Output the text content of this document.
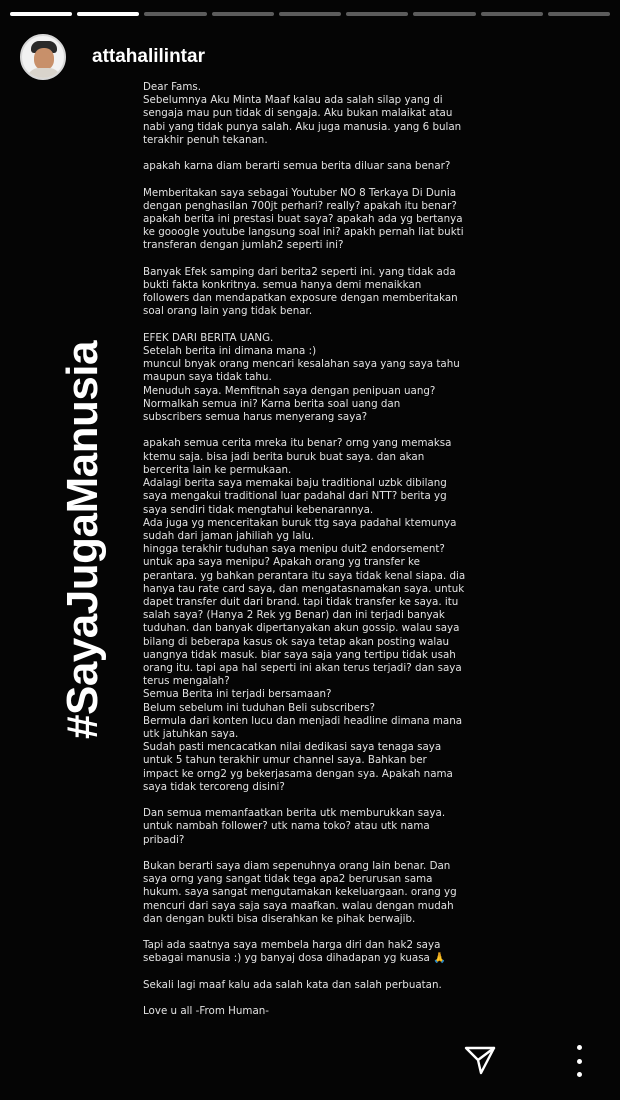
attahalilintar
#SayaJugaManusia

Dear Fams.
Sebelumnya Aku Minta Maaf kalau ada salah silap yang di
sengaja mau pun tidak di sengaja. Aku bukan malaikat atau
nabi yang tidak punya salah. Aku juga manusia. yang 6 bulan
terakhir penuh tekanan.

apakah karna diam berarti semua berita diluar sana benar?

Memberitakan saya sebagai Youtuber NO 8 Terkaya Di Dunia
dengan penghasilan 700jt perhari? really? apakah itu benar?
apakah berita ini prestasi buat saya? apakah ada yg bertanya
ke gooogle youtube langsung soal ini? apakh pernah liat bukti
transferan dengan jumlah2 seperti ini?

Banyak Efek samping dari berita2 seperti ini. yang tidak ada
bukti fakta konkritnya. semua hanya demi menaikkan
followers dan mendapatkan exposure dengan memberitakan
soal orang lain yang tidak benar.

EFEK DARI BERITA UANG.
Setelah berita ini dimana mana :)
muncul bnyak orang mencari kesalahan saya yang saya tahu
maupun saya tidak tahu.
Menuduh saya. Memfitnah saya dengan penipuan uang?
Normalkah semua ini? Karna berita soal uang dan
subscribers semua harus menyerang saya?

apakah semua cerita mreka itu benar? orng yang memaksa
ktemu saja. bisa jadi berita buruk buat saya. dan akan
bercerita lain ke permukaan.
Adalagi berita saya memakai baju traditional uzbk dibilang
saya mengakui traditional luar padahal dari NTT? berita yg
saya sendiri tidak mengtahui kebenarannya.
Ada juga yg menceritakan buruk ttg saya padahal ktemunya
sudah dari jaman jahiliah yg lalu.
hingga terakhir tuduhan saya menipu duit2 endorsement?
untuk apa saya menipu? Apakah orang yg transfer ke
perantara. yg bahkan perantara itu saya tidak kenal siapa. dia
hanya tau rate card saya, dan mengatasnamakan saya. untuk
dapet transfer duit dari brand. tapi tidak transfer ke saya. itu
salah saya? (Hanya 2 Rek yg Benar) dan ini terjadi banyak
tuduhan. dan banyak dipertanyakan akun gossip. walau saya
bilang di beberapa kasus ok saya tetap akan posting walau
uangnya tidak masuk. biar saya saja yang tertipu tidak usah
orang itu. tapi apa hal seperti ini akan terus terjadi? dan saya
terus mengalah?
Semua Berita ini terjadi bersamaan?
Belum sebelum ini tuduhan Beli subscribers?
Bermula dari konten lucu dan menjadi headline dimana mana
utk jatuhkan saya.
Sudah pasti mencacatkan nilai dedikasi saya tenaga saya
untuk 5 tahun terakhir umur channel saya. Bahkan ber
impact ke orng2 yg bekerjasama dengan sya. Apakah nama
saya tidak tercoreng disini?

Dan semua memanfaatkan berita utk memburukkan saya.
untuk nambah follower? utk nama toko? atau utk nama
pribadi?

Bukan berarti saya diam sepenuhnya orang lain benar. Dan
saya orng yang sangat tidak tega apa2 berurusan sama
hukum. saya sangat mengutamakan kekeluargaan. orang yg
mencuri dari saya saja saya maafkan. walau dengan mudah
dan dengan bukti bisa diserahkan ke pihak berwajib.

Tapi ada saatnya saya membela harga diri dan hak2 saya
sebagai manusia :) yg banyaj dosa dihadapan yg kuasa 🙏

Sekali lagi maaf kalu ada salah kata dan salah perbuatan.

Love u all -From Human-
